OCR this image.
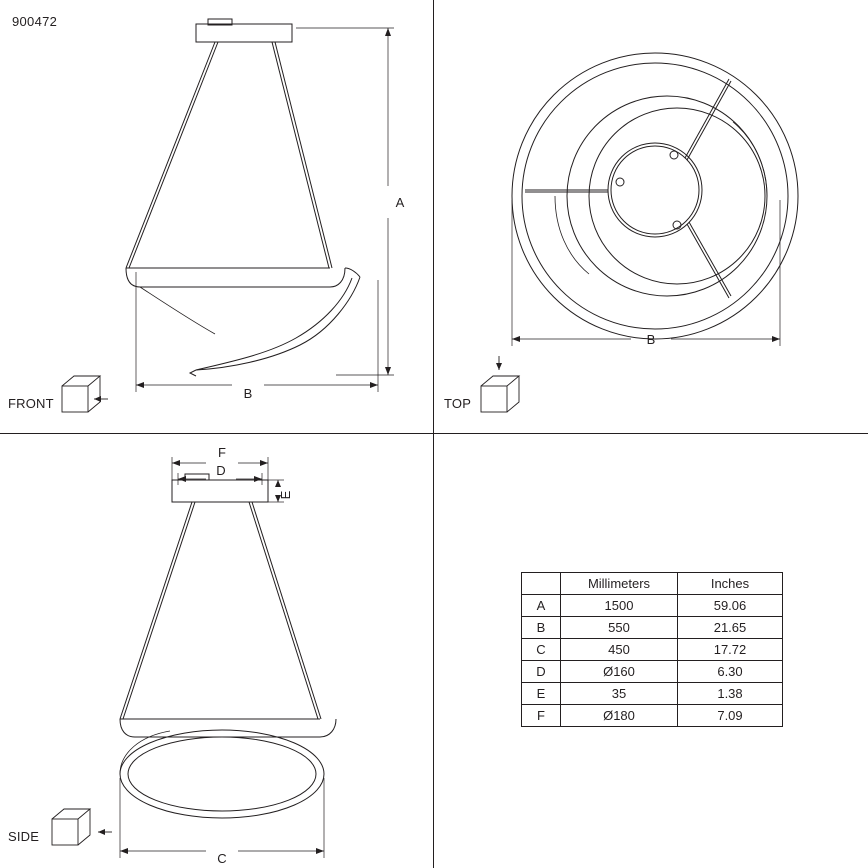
900472
A
B
FRONT
B
TOP
F
D
E
C
SIDE
	Millimeters	Inches
A	1500	59.06
B	550	21.65
C	450	17.72
D	Ø160	6.30
E	35	1.38
F	Ø180	7.09
